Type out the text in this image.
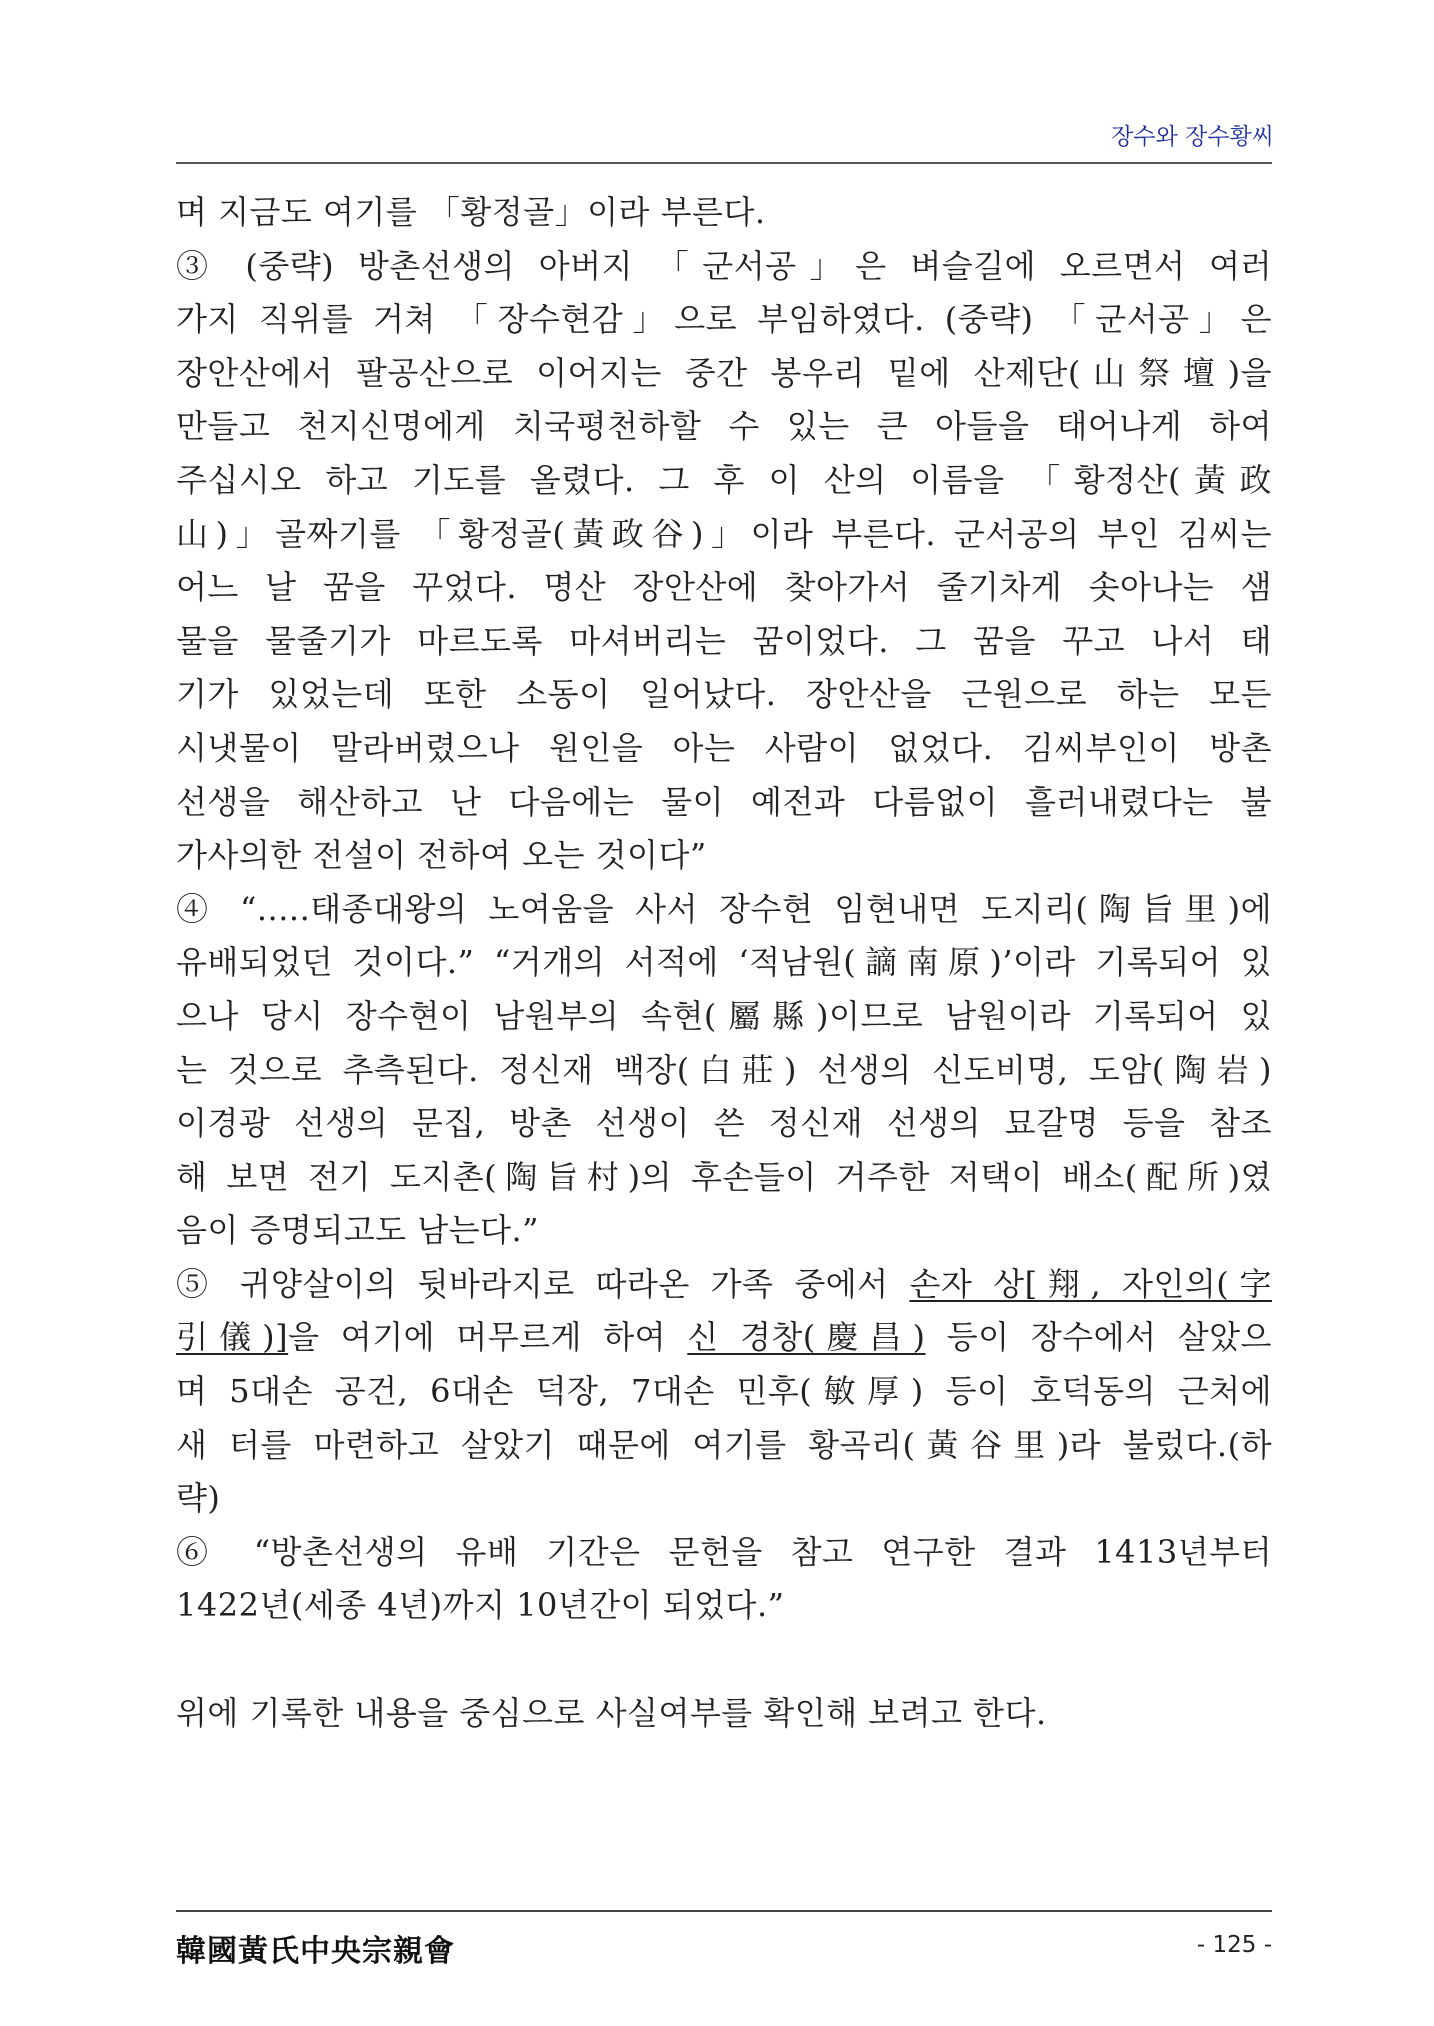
장수와 장수황씨
며 지금도 여기를 「황정골」이라 부른다.
③ (중략) 방촌선생의 아버지 「군서공」은 벼슬길에 오르면서 여러
가지 직위를 거쳐 「장수현감」으로 부임하였다. (중략) 「군서공」은
장안산에서 팔공산으로 이어지는 중간 봉우리 밑에 산제단(山祭壇)을
만들고 천지신명에게 치국평천하할 수 있는 큰 아들을 태어나게 하여
주십시오 하고 기도를 올렸다. 그 후 이 산의 이름을 「황정산(黃政
山)」골짜기를 「황정골(黃政谷)」이라 부른다. 군서공의 부인 김씨는
어느 날 꿈을 꾸었다. 명산 장안산에 찾아가서 줄기차게 솟아나는 샘
물을 물줄기가 마르도록 마셔버리는 꿈이었다. 그 꿈을 꾸고 나서 태
기가 있었는데 또한 소동이 일어났다. 장안산을 근원으로 하는 모든
시냇물이 말라버렸으나 원인을 아는 사람이 없었다. 김씨부인이 방촌
선생을 해산하고 난 다음에는 물이 예전과 다름없이 흘러내렸다는 불
가사의한 전설이 전하여 오는 것이다”
④ “.....태종대왕의 노여움을 사서 장수현 임현내면 도지리(陶旨里)에
유배되었던 것이다.” “거개의 서적에 ‘적남원(謫南原)’이라 기록되어 있
으나 당시 장수현이 남원부의 속현(屬縣)이므로 남원이라 기록되어 있
는 것으로 추측된다. 정신재 백장(白莊) 선생의 신도비명, 도암(陶岩)
이경광 선생의 문집, 방촌 선생이 쓴 정신재 선생의 묘갈명 등을 참조
해 보면 전기 도지촌(陶旨村)의 후손들이 거주한 저택이 배소(配所)였
음이 증명되고도 남는다.”
⑤ 귀양살이의 뒷바라지로 따라온 가족 중에서 손자 상[翔, 자인의(字
引儀)]을 여기에 머무르게 하여 신 경창(慶昌) 등이 장수에서 살았으
며 5대손 공건, 6대손 덕장, 7대손 민후(敏厚) 등이 호덕동의 근처에
새 터를 마련하고 살았기 때문에 여기를 황곡리(黃谷里)라 불렀다.(하
략)
⑥ “방촌선생의 유배 기간은 문헌을 참고 연구한 결과 1413년부터
1422년(세종 4년)까지 10년간이 되었다.”
위에 기록한 내용을 중심으로 사실여부를 확인해 보려고 한다.
韓國黃氏中央宗親會	- 125 -
